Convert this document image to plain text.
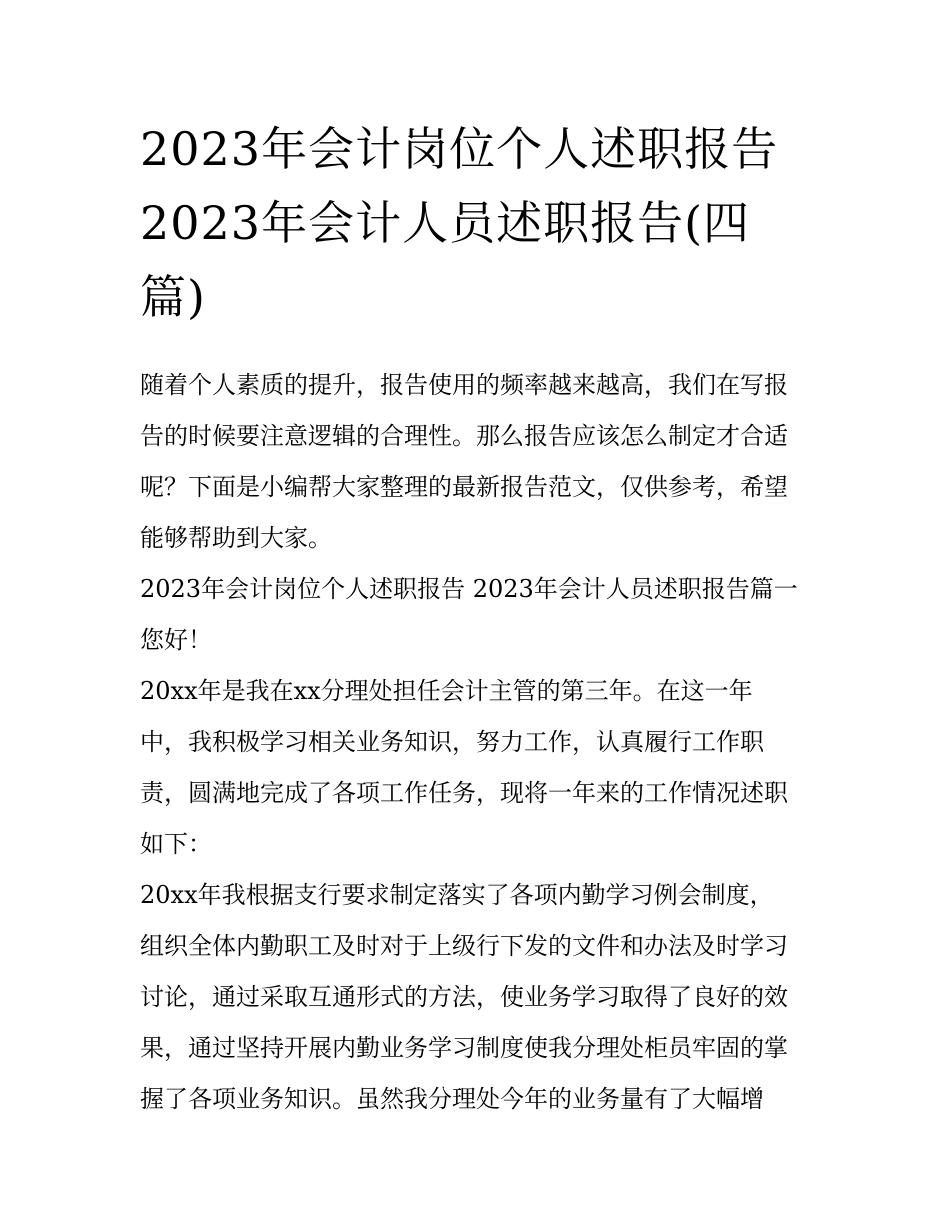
2023年会计岗位个人述职报告
2023年会计人员述职报告(四
篇)

随着个人素质的提升，报告使用的频率越来越高，我们在写报
告的时候要注意逻辑的合理性。那么报告应该怎么制定才合适
呢？下面是小编帮大家整理的最新报告范文，仅供参考，希望
能够帮助到大家。

2023年会计岗位个人述职报告 2023年会计人员述职报告篇一

您好！

20xx年是我在xx分理处担任会计主管的第三年。在这一年
中，我积极学习相关业务知识，努力工作，认真履行工作职
责，圆满地完成了各项工作任务，现将一年来的工作情况述职
如下：

20xx年我根据支行要求制定落实了各项内勤学习例会制度，
组织全体内勤职工及时对于上级行下发的文件和办法及时学习
讨论，通过采取互通形式的方法，使业务学习取得了良好的效
果，通过坚持开展内勤业务学习制度使我分理处柜员牢固的掌
握了各项业务知识。虽然我分理处今年的业务量有了大幅增
